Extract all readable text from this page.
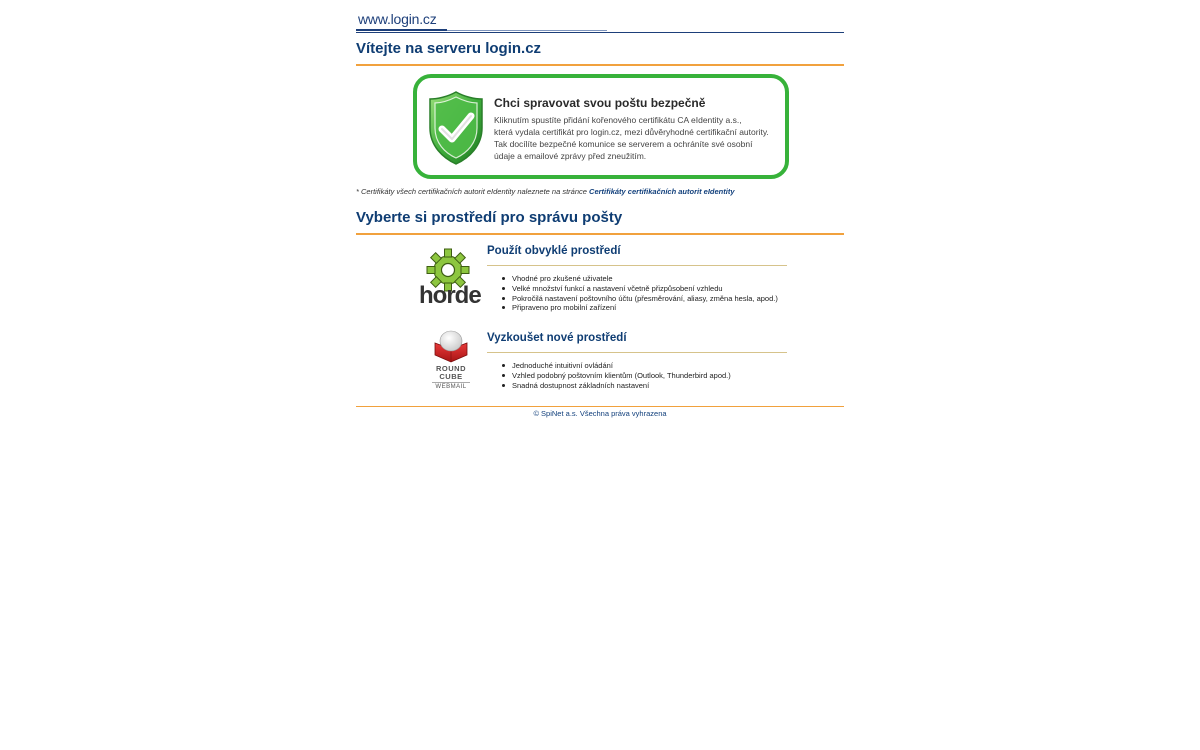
www.login.cz
Vítejte na serveru login.cz
Chci spravovat svou poštu bezpečně
Kliknutím spustíte přidání kořenového certifikátu CA eIdentity a.s.,
která vydala certifikát pro login.cz, mezi důvěryhodné certifikační autority.
Tak docílíte bezpečné komunice se serverem a ochráníte své osobní
údaje a emailové zprávy před zneužitím.
* Certifikáty všech certifikačních autorit eIdentity naleznete na stránce Certifikáty certifikačních autorit eIdentity
Vyberte si prostředí pro správu pošty
horde
Použít obvyklé prostředí
Vhodné pro zkušené uživatele
Velké množství funkcí a nastavení včetně přizpůsobení vzhledu
Pokročilá nastavení poštovního účtu (přesměrování, aliasy, změna hesla, apod.)
Připraveno pro mobilní zařízení
ROUND
CUBE
WEBMAIL
Vyzkoušet nové prostředí
Jednoduché intuitivní ovládání
Vzhled podobný poštovním klientům (Outlook, Thunderbird apod.)
Snadná dostupnost základních nastavení
© SpiNet a.s. Všechna práva vyhrazena
